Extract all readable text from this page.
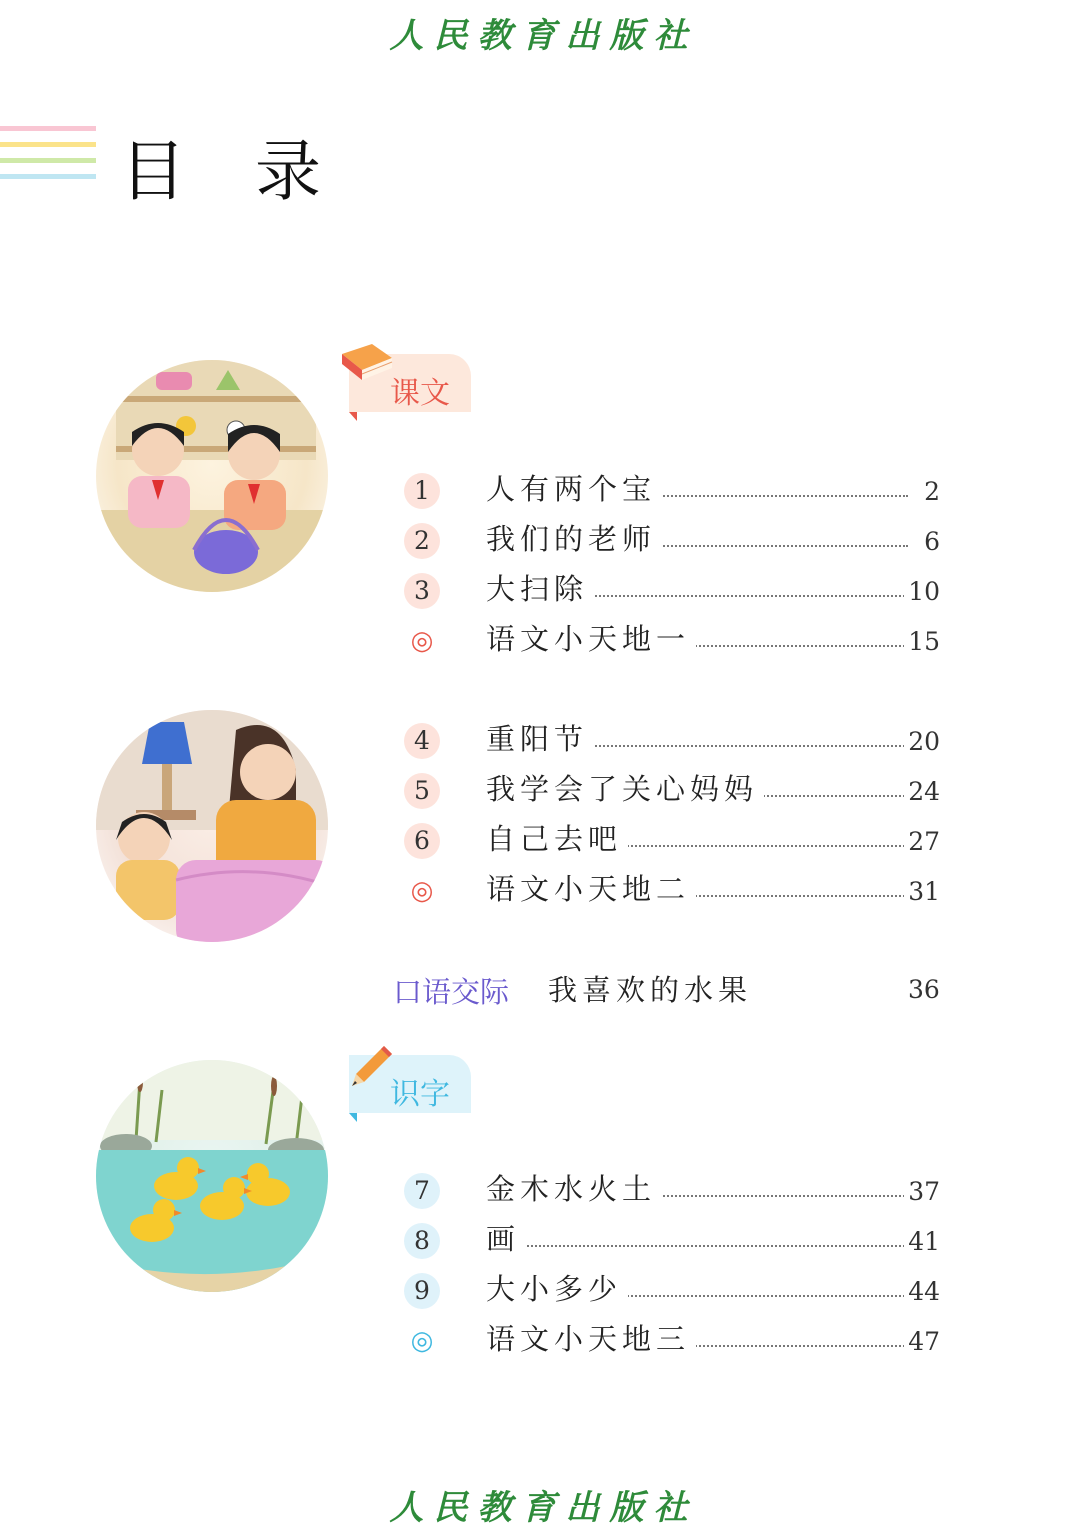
人民教育出版社
目 录
课文
识字
1	人有两个宝	2
2	我们的老师	6
3	大扫除	10
◎ 语文小天地一	15
4	重阳节	20
5	我学会了关心妈妈	24
6	自己去吧	27
◎ 语文小天地二	31
口语交际 我喜欢的水果	36
7	金木水火土	37
8	画	41
9	大小多少	44
◎ 语文小天地三	47
人民教育出版社
